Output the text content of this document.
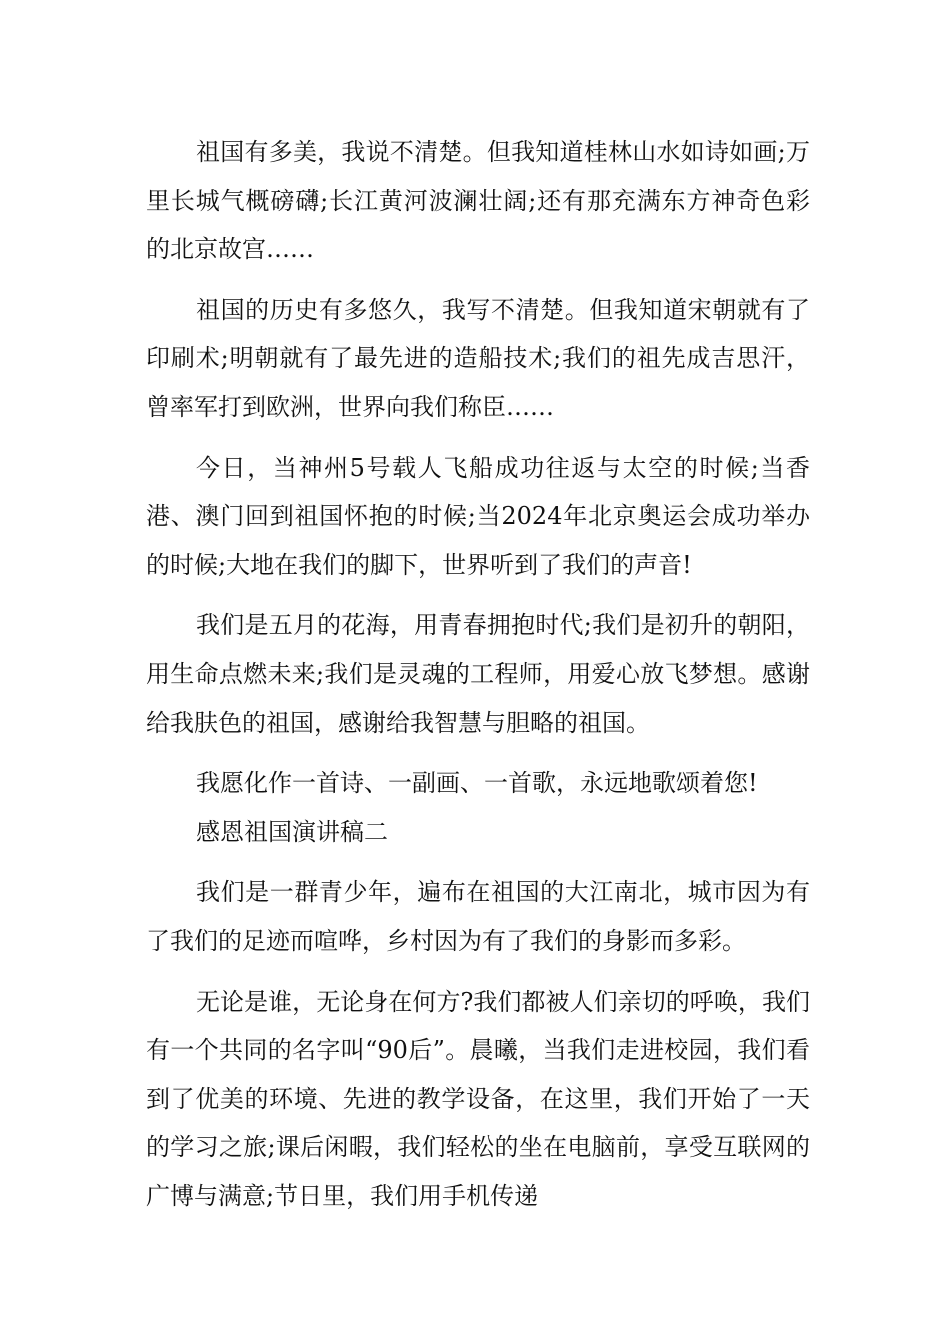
祖国有多美，我说不清楚。但我知道桂林山水如诗如画;万里长城气概磅礴;长江黄河波澜壮阔;还有那充满东方神奇色彩的北京故宫……

祖国的历史有多悠久，我写不清楚。但我知道宋朝就有了印刷术;明朝就有了最先进的造船技术;我们的祖先成吉思汗，曾率军打到欧洲，世界向我们称臣……

今日，当神州5号载人飞船成功往返与太空的时候;当香港、澳门回到祖国怀抱的时候;当2024年北京奥运会成功举办的时候;大地在我们的脚下，世界听到了我们的声音!

我们是五月的花海，用青春拥抱时代;我们是初升的朝阳，用生命点燃未来;我们是灵魂的工程师，用爱心放飞梦想。感谢给我肤色的祖国，感谢给我智慧与胆略的祖国。

我愿化作一首诗、一副画、一首歌，永远地歌颂着您!

感恩祖国演讲稿二

我们是一群青少年，遍布在祖国的大江南北，城市因为有了我们的足迹而喧哗，乡村因为有了我们的身影而多彩。

无论是谁，无论身在何方?我们都被人们亲切的呼唤，我们有一个共同的名字叫“90后”。晨曦，当我们走进校园，我们看到了优美的环境、先进的教学设备，在这里，我们开始了一天的学习之旅;课后闲暇，我们轻松的坐在电脑前，享受互联网的广博与满意;节日里，我们用手机传递
